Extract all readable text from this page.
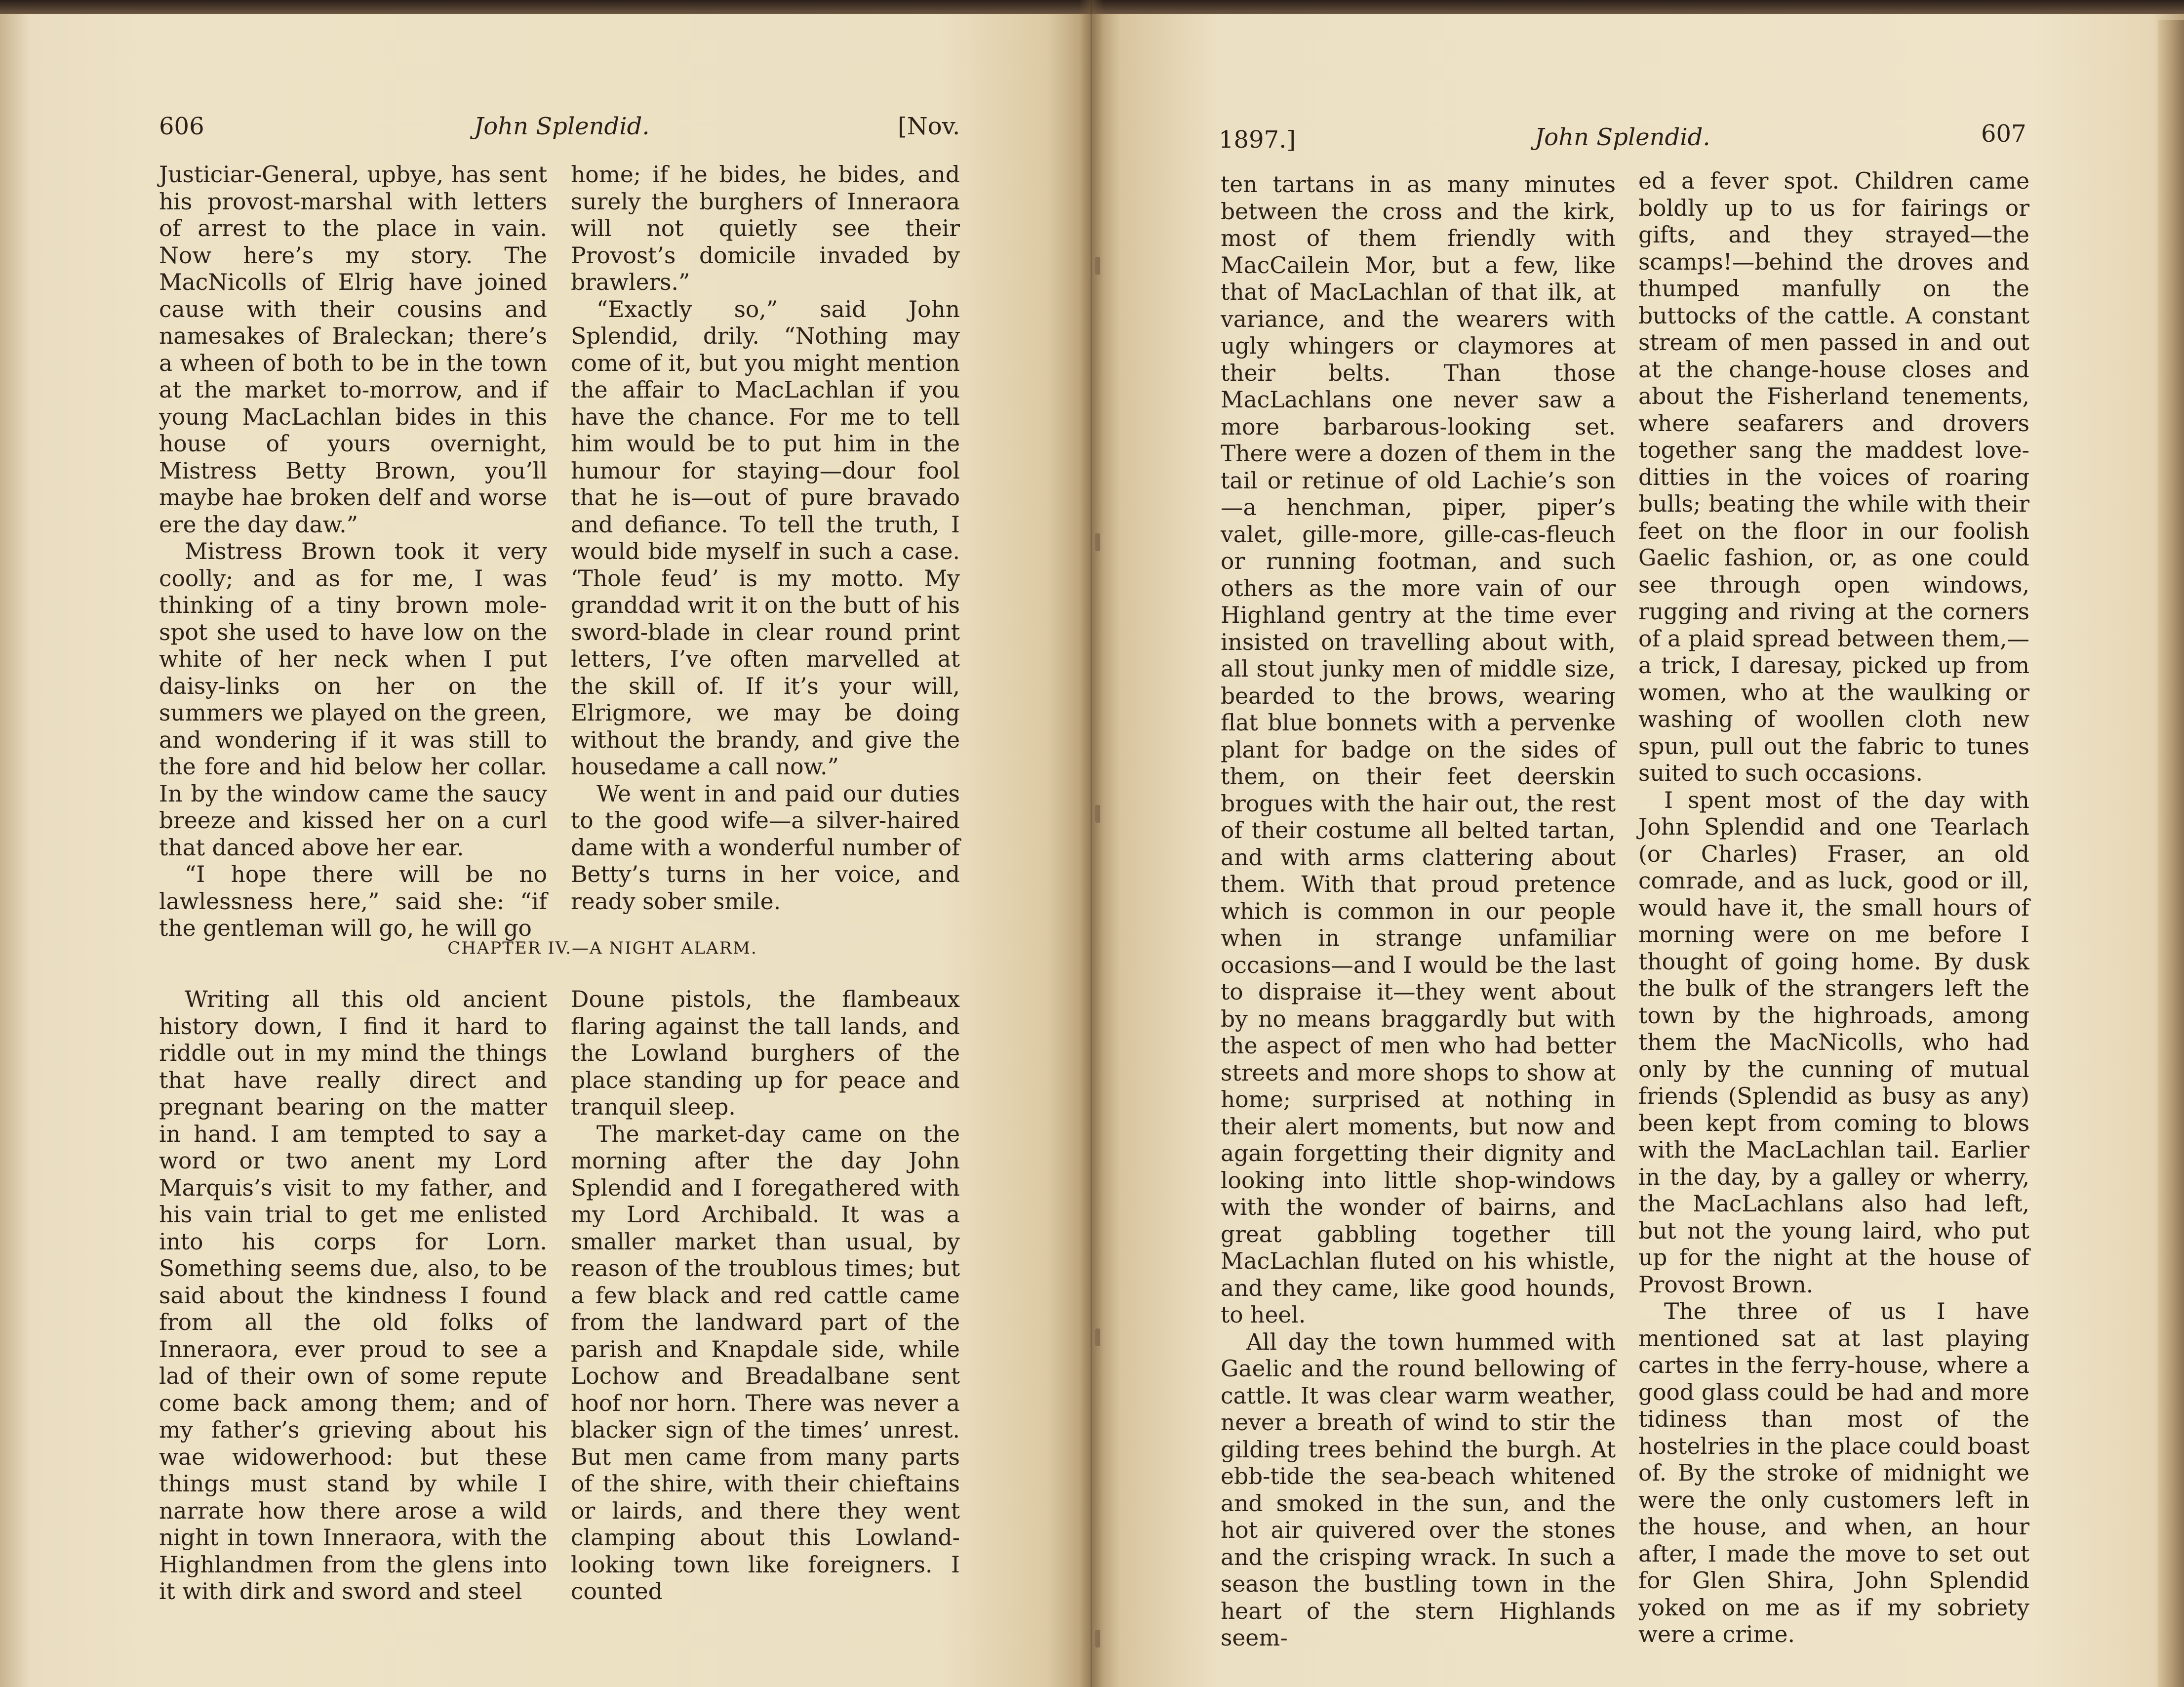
606	John Splendid.	[Nov.

Justiciar-General, upbye, has sent his provost-marshal with letters of arrest to the place in vain. Now here’s my story. The MacNicolls of Elrig have joined cause with their cousins and namesakes of Braleckan; there’s a wheen of both to be in the town at the market to-morrow, and if young MacLachlan bides in this house of yours overnight, Mistress Betty Brown, you’ll maybe hae broken delf and worse ere the day daw.”

Mistress Brown took it very coolly; and as for me, I was thinking of a tiny brown mole-spot she used to have low on the white of her neck when I put daisy-links on her on the summers we played on the green, and wondering if it was still to the fore and hid below her collar. In by the window came the saucy breeze and kissed her on a curl that danced above her ear.

“I hope there will be no lawlessness here,” said she: “if the gentleman will go, he will go

home; if he bides, he bides, and surely the burghers of Inneraora will not quietly see their Provost’s domicile invaded by brawlers.”

“Exactly so,” said John Splendid, drily. “Nothing may come of it, but you might mention the affair to MacLachlan if you have the chance. For me to tell him would be to put him in the humour for staying—dour fool that he is—out of pure bravado and defiance. To tell the truth, I would bide myself in such a case. ‘Thole feud’ is my motto. My granddad writ it on the butt of his sword-blade in clear round print letters, I’ve often marvelled at the skill of. If it’s your will, Elrigmore, we may be doing without the brandy, and give the housedame a call now.”

We went in and paid our duties to the good wife—a silver-haired dame with a wonderful number of Betty’s turns in her voice, and ready sober smile.

CHAPTER IV.—A NIGHT ALARM.

Writing all this old ancient history down, I find it hard to riddle out in my mind the things that have really direct and pregnant bearing on the matter in hand. I am tempted to say a word or two anent my Lord Marquis’s visit to my father, and his vain trial to get me enlisted into his corps for Lorn. Something seems due, also, to be said about the kindness I found from all the old folks of Inneraora, ever proud to see a lad of their own of some repute come back among them; and of my father’s grieving about his wae widowerhood: but these things must stand by while I narrate how there arose a wild night in town Inneraora, with the Highlandmen from the glens into it with dirk and sword and steel

Doune pistols, the flambeaux flaring against the tall lands, and the Lowland burghers of the place standing up for peace and tranquil sleep.

The market-day came on the morning after the day John Splendid and I foregathered with my Lord Archibald. It was a smaller market than usual, by reason of the troublous times; but a few black and red cattle came from the landward part of the parish and Knapdale side, while Lochow and Breadalbane sent hoof nor horn. There was never a blacker sign of the times’ unrest. But men came from many parts of the shire, with their chieftains or lairds, and there they went clamping about this Lowland-looking town like foreigners. I counted

1897.]	John Splendid.	607

ten tartans in as many minutes between the cross and the kirk, most of them friendly with MacCailein Mor, but a few, like that of MacLachlan of that ilk, at variance, and the wearers with ugly whingers or claymores at their belts. Than those MacLachlans one never saw a more barbarous-looking set. There were a dozen of them in the tail or retinue of old Lachie’s son—a henchman, piper, piper’s valet, gille-more, gille-cas-fleuch or running footman, and such others as the more vain of our Highland gentry at the time ever insisted on travelling about with, all stout junky men of middle size, bearded to the brows, wearing flat blue bonnets with a pervenke plant for badge on the sides of them, on their feet deerskin brogues with the hair out, the rest of their costume all belted tartan, and with arms clattering about them. With that proud pretence which is common in our people when in strange unfamiliar occasions—and I would be the last to dispraise it—they went about by no means braggardly but with the aspect of men who had better streets and more shops to show at home; surprised at nothing in their alert moments, but now and again forgetting their dignity and looking into little shop-windows with the wonder of bairns, and great gabbling together till MacLachlan fluted on his whistle, and they came, like good hounds, to heel.

All day the town hummed with Gaelic and the round bellowing of cattle. It was clear warm weather, never a breath of wind to stir the gilding trees behind the burgh. At ebb-tide the sea-beach whitened and smoked in the sun, and the hot air quivered over the stones and the crisping wrack. In such a season the bustling town in the heart of the stern Highlands seem-

ed a fever spot. Children came boldly up to us for fairings or gifts, and they strayed—the scamps!—behind the droves and thumped manfully on the buttocks of the cattle. A constant stream of men passed in and out at the change-house closes and about the Fisherland tenements, where seafarers and drovers together sang the maddest love-ditties in the voices of roaring bulls; beating the while with their feet on the floor in our foolish Gaelic fashion, or, as one could see through open windows, rugging and riving at the corners of a plaid spread between them,—a trick, I daresay, picked up from women, who at the waulking or washing of woollen cloth new spun, pull out the fabric to tunes suited to such occasions.

I spent most of the day with John Splendid and one Tearlach (or Charles) Fraser, an old comrade, and as luck, good or ill, would have it, the small hours of morning were on me before I thought of going home. By dusk the bulk of the strangers left the town by the highroads, among them the MacNicolls, who had only by the cunning of mutual friends (Splendid as busy as any) been kept from coming to blows with the MacLachlan tail. Earlier in the day, by a galley or wherry, the MacLachlans also had left, but not the young laird, who put up for the night at the house of Provost Brown.

The three of us I have mentioned sat at last playing cartes in the ferry-house, where a good glass could be had and more tidiness than most of the hostelries in the place could boast of. By the stroke of midnight we were the only customers left in the house, and when, an hour after, I made the move to set out for Glen Shira, John Splendid yoked on me as if my sobriety were a crime.
